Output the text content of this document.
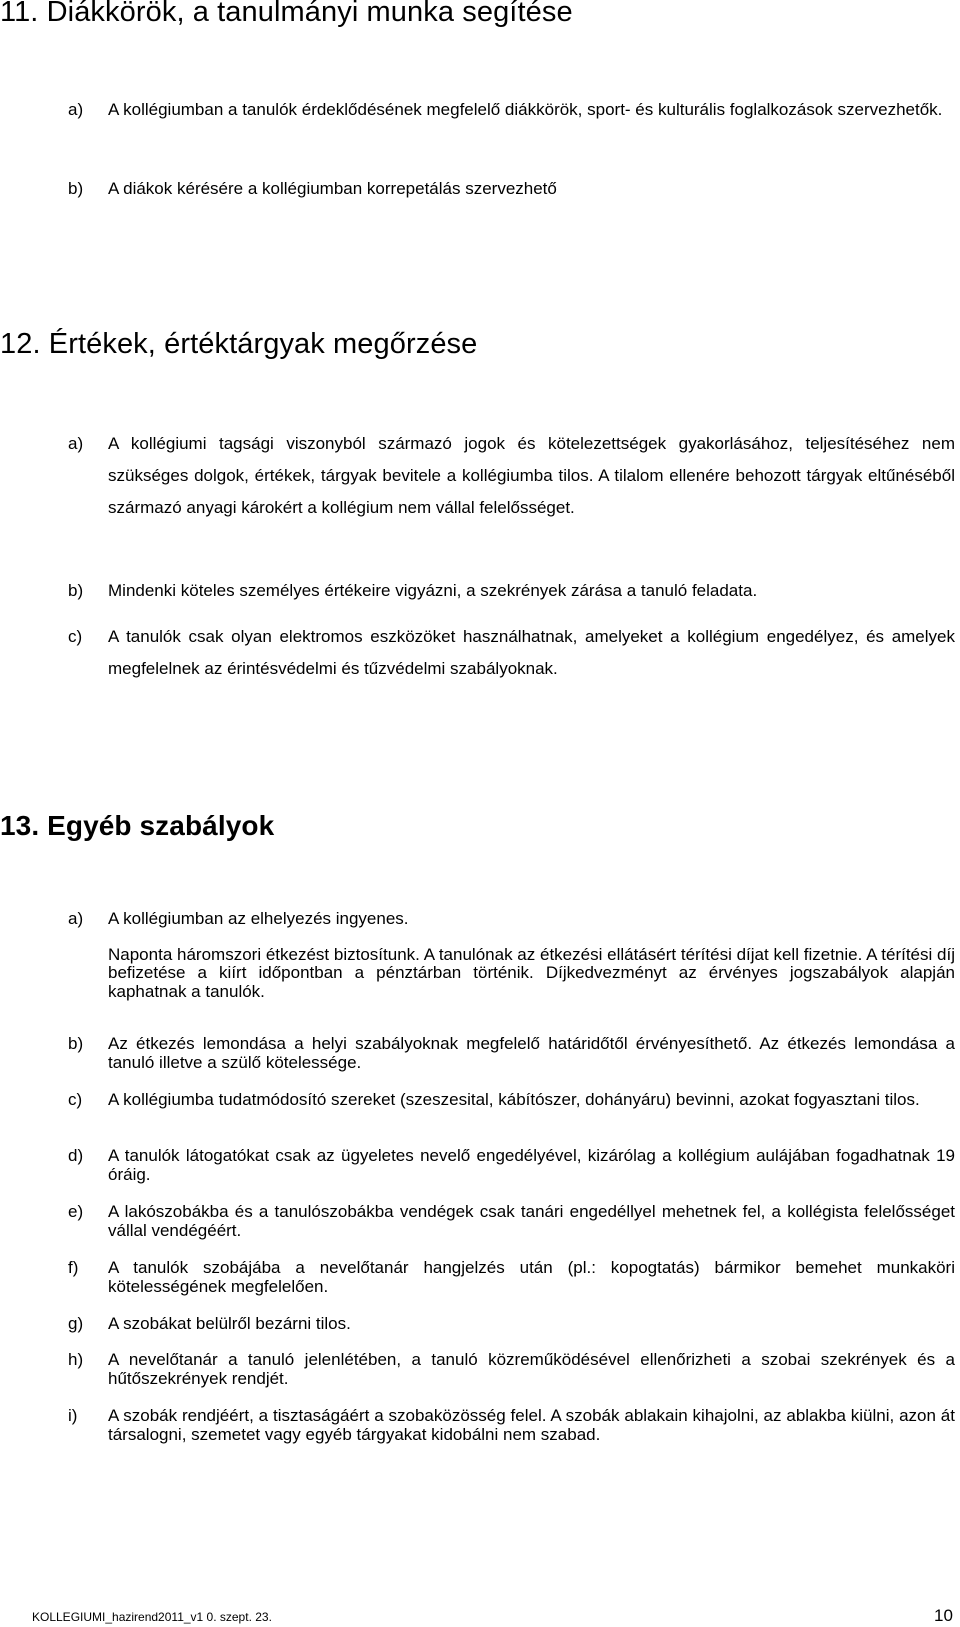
11. Diákkörök, a tanulmányi munka segítése
a)	A kollégiumban a tanulók érdeklődésének megfelelő diákkörök, sport- és kulturális foglalkozások szervezhetők.
b)	A diákok kérésére a kollégiumban korrepetálás szervezhető
12. Értékek, értéktárgyak megőrzése
a)	A kollégiumi tagsági viszonyból származó jogok és kötelezettségek gyakorlásához, teljesítéséhez nem szükséges dolgok, értékek, tárgyak bevitele a kollégiumba tilos. A tilalom ellenére behozott tárgyak eltűnéséből származó anyagi károkért a kollégium nem vállal felelősséget.
b)	Mindenki köteles személyes értékeire vigyázni, a szekrények zárása a tanuló feladata.
c)	A tanulók csak olyan elektromos eszközöket használhatnak, amelyeket a kollégium engedélyez, és amelyek megfelelnek az érintésvédelmi és tűzvédelmi szabályoknak.
13. Egyéb szabályok
a)	A kollégiumban az elhelyezés ingyenes.

Naponta háromszori étkezést biztosítunk. A tanulónak az étkezési ellátásért térítési díjat kell fizetnie. A térítési díj befizetése a kiírt időpontban a pénztárban történik. Díjkedvezményt az érvényes jogszabályok alapján kaphatnak a tanulók.

b)	Az étkezés lemondása a helyi szabályoknak megfelelő határidőtől érvényesíthető. Az étkezés lemondása a tanuló illetve a szülő kötelessége.
c)	A kollégiumba tudatmódosító szereket (szeszesital, kábítószer, dohányáru) bevinni, azokat fogyasztani tilos.
d)	A tanulók látogatókat csak az ügyeletes nevelő engedélyével, kizárólag a kollégium aulájában fogadhatnak 19 óráig.
e)	A lakószobákba és a tanulószobákba vendégek csak tanári engedéllyel mehetnek fel, a kollégista felelősséget vállal vendégéért.
f)	A tanulók szobájába a nevelőtanár hangjelzés után (pl.: kopogtatás) bármikor bemehet munkaköri kötelességének megfelelően.
g)	A szobákat belülről bezárni tilos.
h)	A nevelőtanár a tanuló jelenlétében, a tanuló közreműködésével ellenőrizheti a szobai szekrények és a hűtőszekrények rendjét.
i)	A szobák rendjéért, a tisztaságáért a szobaközösség felel. A szobák ablakain kihajolni, az ablakba kiülni, azon át társalogni, szemetet vagy egyéb tárgyakat kidobálni nem szabad.
KOLLEGIUMI_hazirend2011_v1 0. szept. 23.	10
